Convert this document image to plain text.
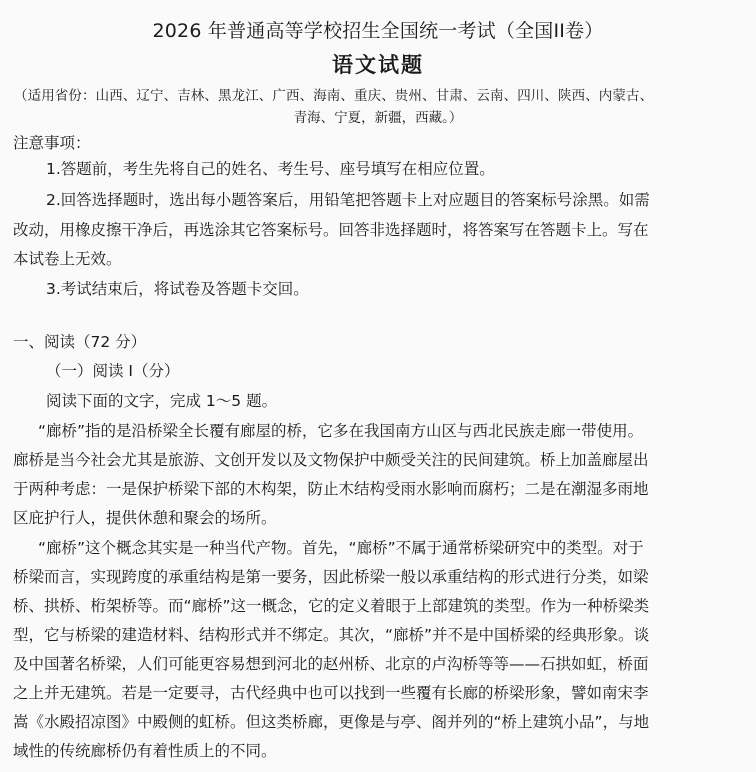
2026 年普通高等学校招生全国统一考试（全国II卷）
语文试题
（适用省份：山西、辽宁、吉林、黑龙江、广西、海南、重庆、贵州、甘肃、云南、四川、陕西、内蒙古、
青海、宁夏，新疆，西藏。）
注意事项：
1.答题前，考生先将自己的姓名、考生号、座号填写在相应位置。
2.回答选择题时，选出每小题答案后，用铅笔把答题卡上对应题目的答案标号涂黑。如需
改动，用橡皮擦干净后，再选涂其它答案标号。回答非选择题时，将答案写在答题卡上。写在
本试卷上无效。
3.考试结束后，将试卷及答题卡交回。
一、阅读（72 分）
（一）阅读 I（分）
阅读下面的文字，完成 1～5 题。
“廊桥”指的是沿桥梁全长覆有廊屋的桥，它多在我国南方山区与西北民族走廊一带使用。
廊桥是当今社会尤其是旅游、文创开发以及文物保护中颇受关注的民间建筑。桥上加盖廊屋出
于两种考虑：一是保护桥梁下部的木构架，防止木结构受雨水影响而腐朽；二是在潮湿多雨地
区庇护行人，提供休憩和聚会的场所。
“廊桥”这个概念其实是一种当代产物。首先，“廊桥”不属于通常桥梁研究中的类型。对于
桥梁而言，实现跨度的承重结构是第一要务，因此桥梁一般以承重结构的形式进行分类，如梁
桥、拱桥、桁架桥等。而“廊桥”这一概念，它的定义着眼于上部建筑的类型。作为一种桥梁类
型，它与桥梁的建造材料、结构形式并不绑定。其次，“廊桥”并不是中国桥梁的经典形象。谈
及中国著名桥梁，人们可能更容易想到河北的赵州桥、北京的卢沟桥等等——石拱如虹，桥面
之上并无建筑。若是一定要寻，古代经典中也可以找到一些覆有长廊的桥梁形象，譬如南宋李
嵩《水殿招凉图》中殿侧的虹桥。但这类桥廊，更像是与亭、阁并列的“桥上建筑小品”，与地
域性的传统廊桥仍有着性质上的不同。
